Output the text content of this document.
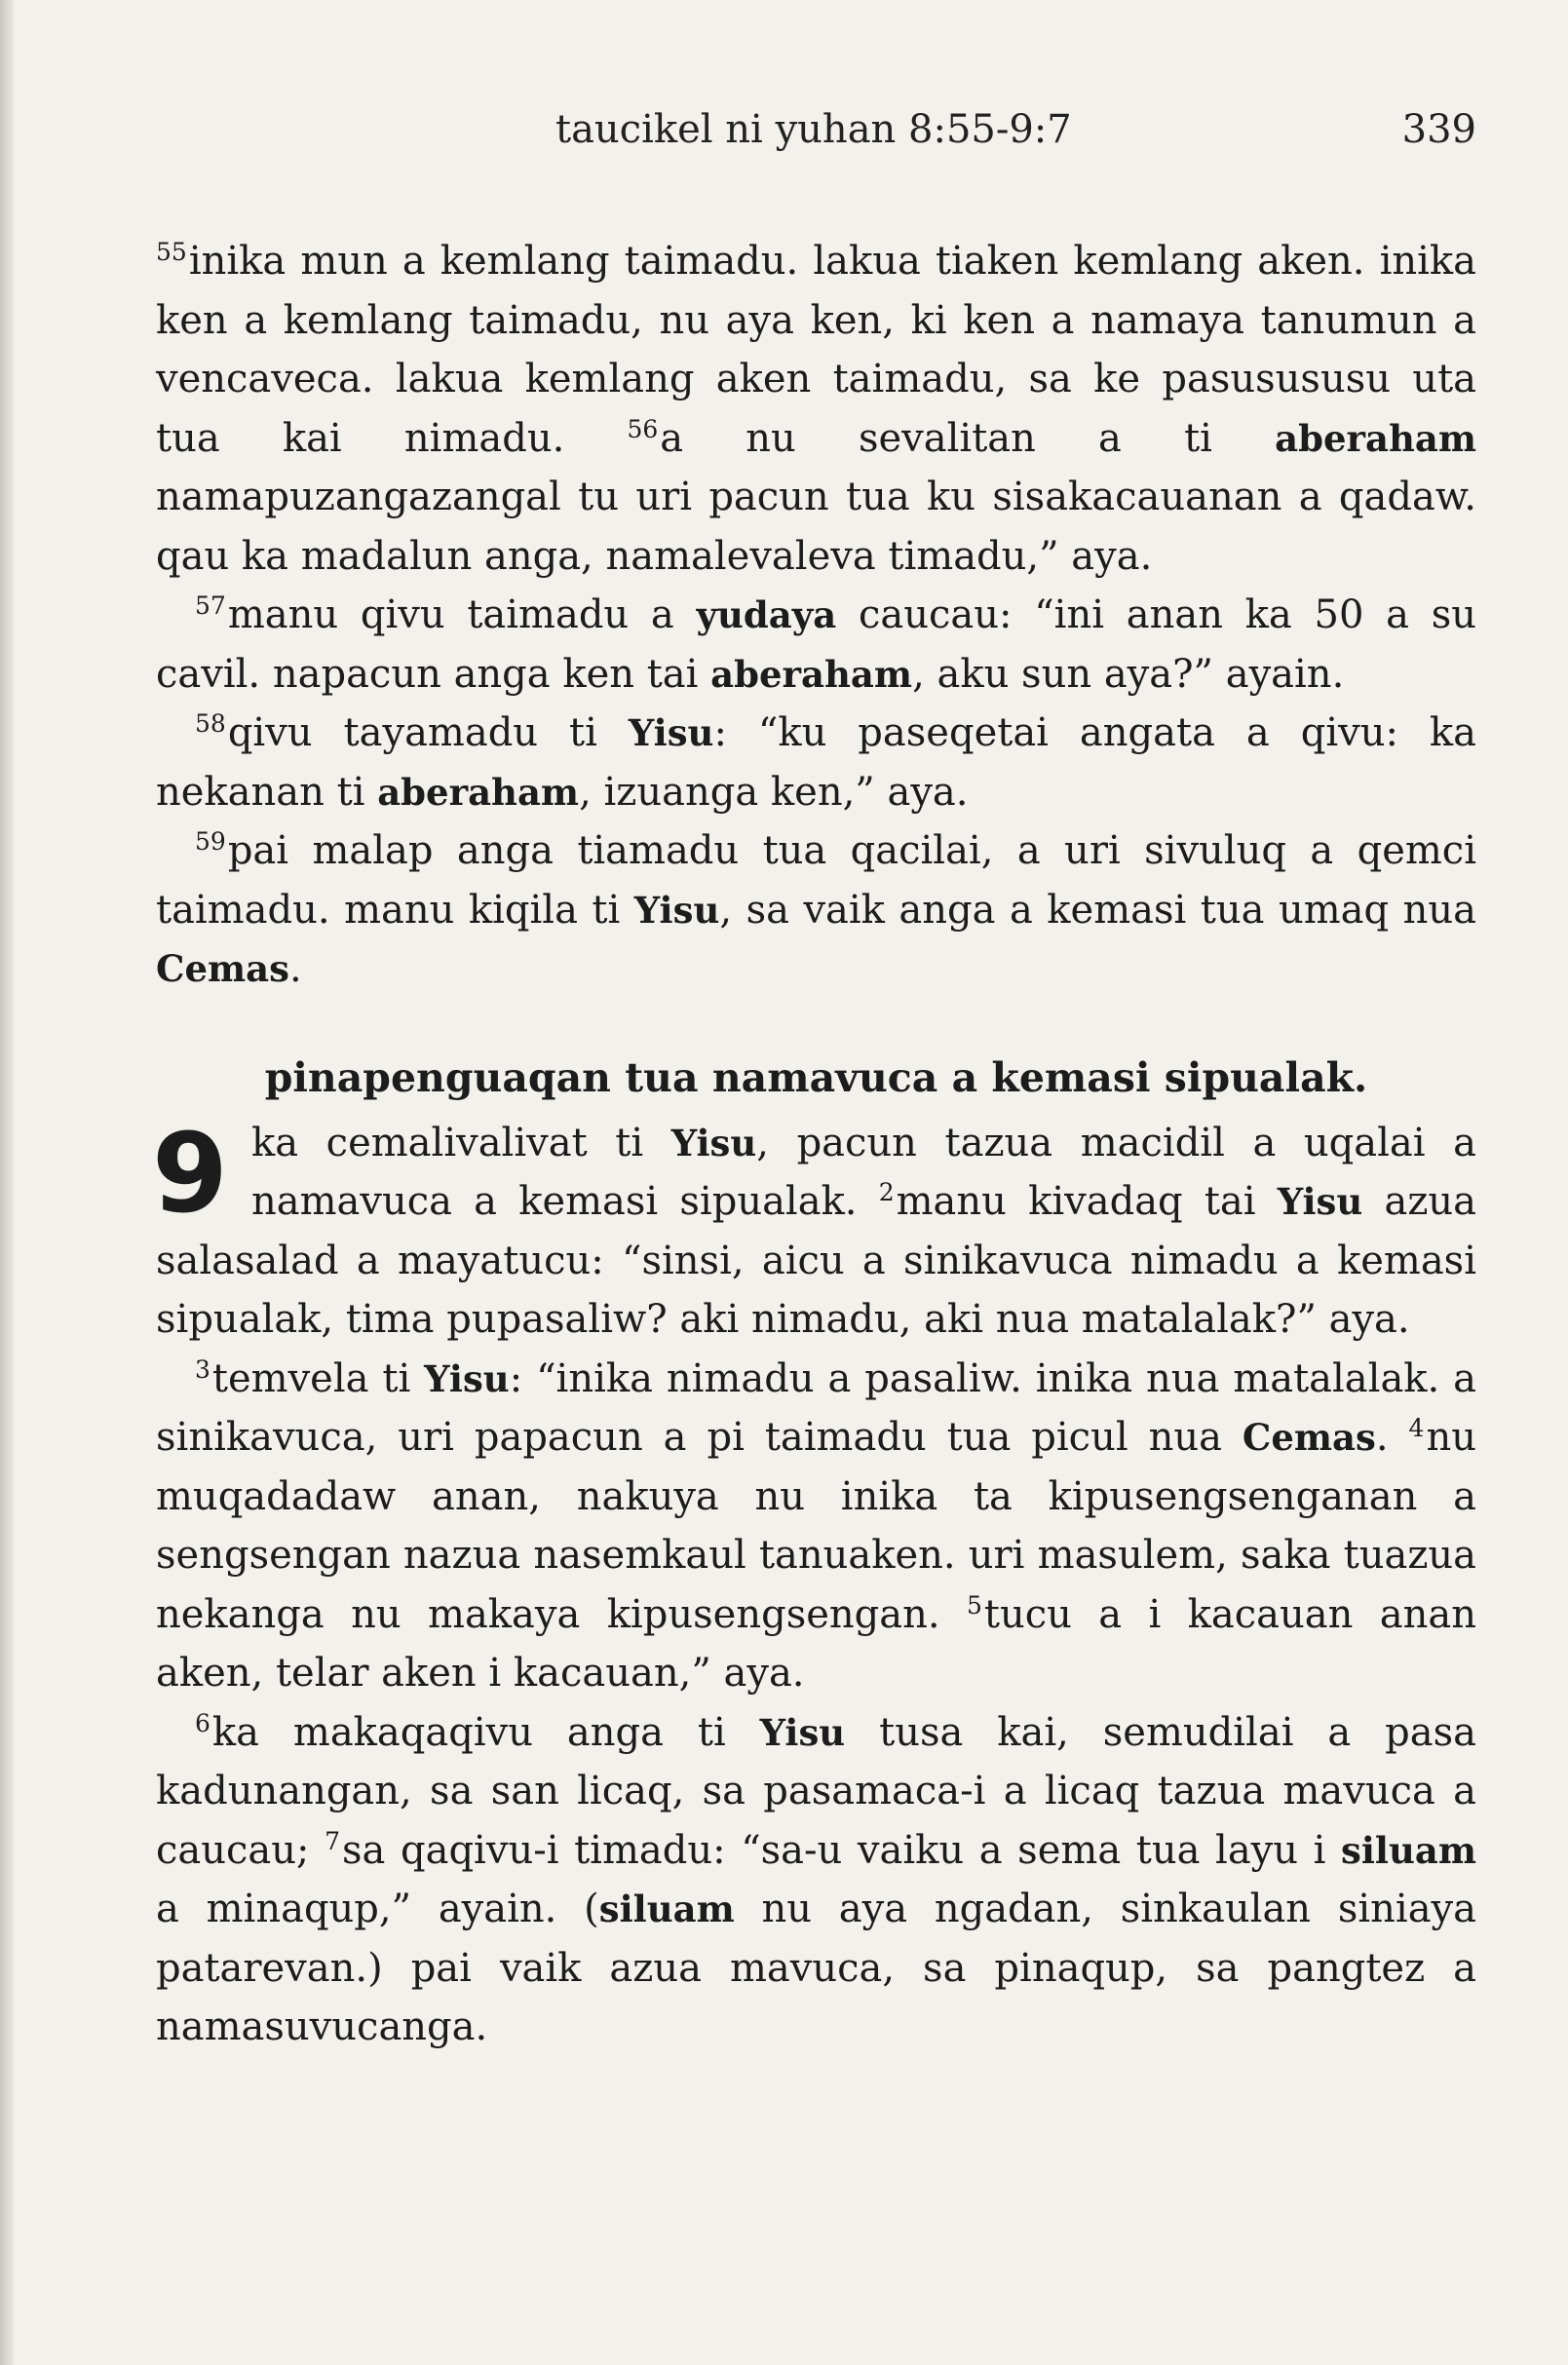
taucikel ni yuhan 8:55-9:7	339

$^{55}$inika mun a kemlang taimadu. lakua tiaken kemlang aken. inika ken a kemlang taimadu, nu aya ken, ki ken a namaya tanumun a vencaveca. lakua kemlang aken taimadu, sa ke pasusususu uta tua kai nimadu. $^{56}$a nu sevalitan a ti aberaham namapuzangazangal tu uri pacun tua ku sisakacauanan a qadaw. qau ka madalun anga, namalevaleva timadu,” aya.

$^{57}$manu qivu taimadu a yudaya caucau: “ini anan ka 50 a su cavil. napacun anga ken tai aberaham, aku sun aya?” ayain.

$^{58}$qivu tayamadu ti Yisu: “ku paseqetai angata a qivu: ka nekanan ti aberaham, izuanga ken,” aya.

$^{59}$pai malap anga tiamadu tua qacilai, a uri sivuluq a qemci taimadu. manu kiqila ti Yisu, sa vaik anga a kemasi tua umaq nua Cemas.

pinapenguaqan tua namavuca a kemasi sipualak.

9 ka cemalivalivat ti Yisu, pacun tazua macidil a uqalai a namavuca a kemasi sipualak. $^2$manu kivadaq tai Yisu azua salasalad a mayatucu: “sinsi, aicu a sinikavuca nimadu a kemasi sipualak, tima pupasaliw? aki nimadu, aki nua matalalak?” aya.

$^3$temvela ti Yisu: “inika nimadu a pasaliw. inika nua matalalak. a sinikavuca, uri papacun a pi taimadu tua picul nua Cemas. $^4$nu muqadadaw anan, nakuya nu inika ta kipusengsenganan a sengsengan nazua nasemkaul tanuaken. uri masulem, saka tuazua nekanga nu makaya kipusengsengan. $^5$tucu a i kacauan anan aken, telar aken i kacauan,” aya.

$^6$ka makaqaqivu anga ti Yisu tusa kai, semudilai a pasa kadunangan, sa san licaq, sa pasamaca-i a licaq tazua mavuca a caucau; $^7$sa qaqivu-i timadu: “sa-u vaiku a sema tua layu i siluam a minaqup,” ayain. (siluam nu aya ngadan, sinkaulan siniaya patarevan.) pai vaik azua mavuca, sa pinaqup, sa pangtez a namasuvucanga.
